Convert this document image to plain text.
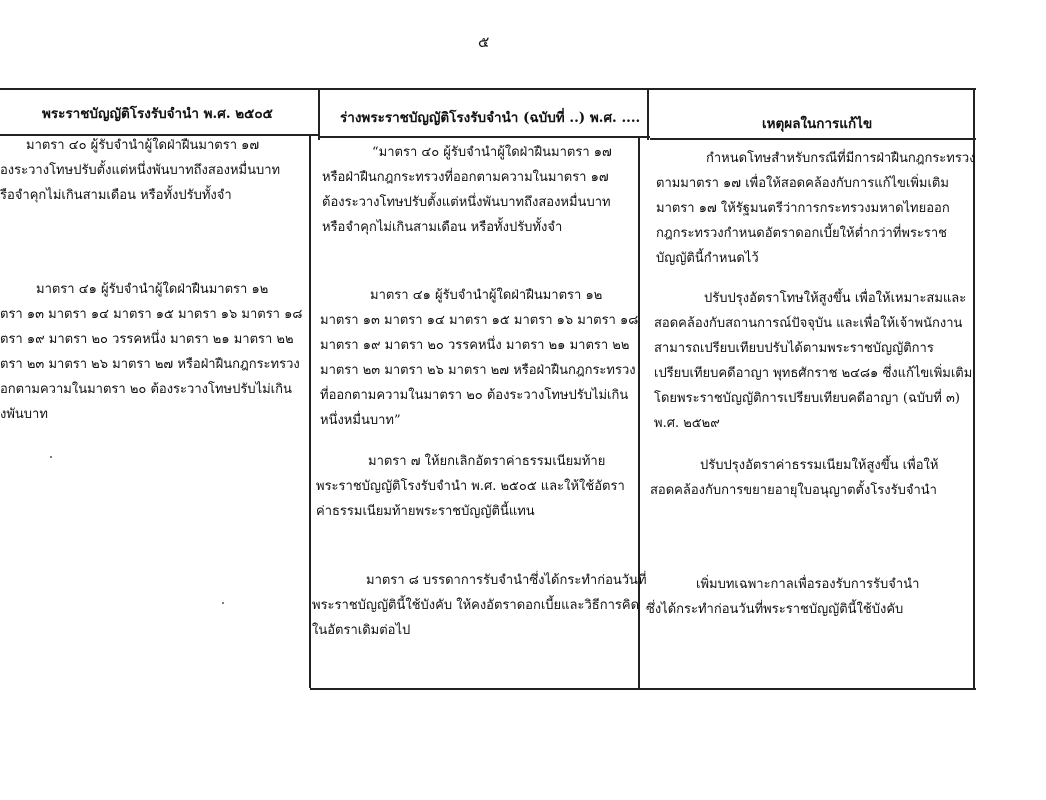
๕
พระราชบัญญัติโรงรับจำนำ พ.ศ. ๒๕๐๕	ร่างพระราชบัญญัติโรงรับจำนำ (ฉบับที่ ..) พ.ศ. ....	เหตุผลในการแก้ไข
มาตรา ๔๐ ผู้รับจำนำผู้ใดฝ่าฝืนมาตรา ๑๗
องระวางโทษปรับตั้งแต่หนึ่งพันบาทถึงสองหมื่นบาท
รือจำคุกไม่เกินสามเดือน หรือทั้งปรับทั้งจำ
มาตรา ๔๑ ผู้รับจำนำผู้ใดฝ่าฝืนมาตรา ๑๒
ตรา ๑๓ มาตรา ๑๔ มาตรา ๑๕ มาตรา ๑๖ มาตรา ๑๘
ตรา ๑๙ มาตรา ๒๐ วรรคหนึ่ง มาตรา ๒๑ มาตรา ๒๒
ตรา ๒๓ มาตรา ๒๖ มาตรา ๒๗ หรือฝ่าฝืนกฎกระทรวง
อกตามความในมาตรา ๒๐ ต้องระวางโทษปรับไม่เกิน
งพันบาท
“มาตรา ๔๐ ผู้รับจำนำผู้ใดฝ่าฝืนมาตรา ๑๗
หรือฝ่าฝืนกฎกระทรวงที่ออกตามความในมาตรา ๑๗
ต้องระวางโทษปรับตั้งแต่หนึ่งพันบาทถึงสองหมื่นบาท
หรือจำคุกไม่เกินสามเดือน หรือทั้งปรับทั้งจำ
มาตรา ๔๑ ผู้รับจำนำผู้ใดฝ่าฝืนมาตรา ๑๒
มาตรา ๑๓ มาตรา ๑๔ มาตรา ๑๕ มาตรา ๑๖ มาตรา ๑๘
มาตรา ๑๙ มาตรา ๒๐ วรรคหนึ่ง มาตรา ๒๑ มาตรา ๒๒
มาตรา ๒๓ มาตรา ๒๖ มาตรา ๒๗ หรือฝ่าฝืนกฎกระทรวง
ที่ออกตามความในมาตรา ๒๐ ต้องระวางโทษปรับไม่เกิน
หนึ่งหมื่นบาท”
มาตรา ๗ ให้ยกเลิกอัตราค่าธรรมเนียมท้าย
พระราชบัญญัติโรงรับจำนำ พ.ศ. ๒๕๐๕ และให้ใช้อัตรา
ค่าธรรมเนียมท้ายพระราชบัญญัตินี้แทน
มาตรา ๘ บรรดาการรับจำนำซึ่งได้กระทำก่อนวันที่
พระราชบัญญัตินี้ใช้บังคับ ให้คงอัตราดอกเบี้ยและวิธีการคิด
ในอัตราเดิมต่อไป
กำหนดโทษสำหรับกรณีที่มีการฝ่าฝืนกฎกระทรวง
ตามมาตรา ๑๗ เพื่อให้สอดคล้องกับการแก้ไขเพิ่มเติม
มาตรา ๑๗ ให้รัฐมนตรีว่าการกระทรวงมหาดไทยออก
กฎกระทรวงกำหนดอัตราดอกเบี้ยให้ต่ำกว่าที่พระราช
บัญญัตินี้กำหนดไว้
ปรับปรุงอัตราโทษให้สูงขึ้น เพื่อให้เหมาะสมและ
สอดคล้องกับสถานการณ์ปัจจุบัน และเพื่อให้เจ้าพนักงาน
สามารถเปรียบเทียบปรับได้ตามพระราชบัญญัติการ
เปรียบเทียบคดีอาญา พุทธศักราช ๒๔๘๑ ซึ่งแก้ไขเพิ่มเติม
โดยพระราชบัญญัติการเปรียบเทียบคดีอาญา (ฉบับที่ ๓)
พ.ศ. ๒๕๒๙
ปรับปรุงอัตราค่าธรรมเนียมให้สูงขึ้น เพื่อให้
สอดคล้องกับการขยายอายุใบอนุญาตตั้งโรงรับจำนำ
เพิ่มบทเฉพาะกาลเพื่อรองรับการรับจำนำ
ซึ่งได้กระทำก่อนวันที่พระราชบัญญัตินี้ใช้บังคับ
